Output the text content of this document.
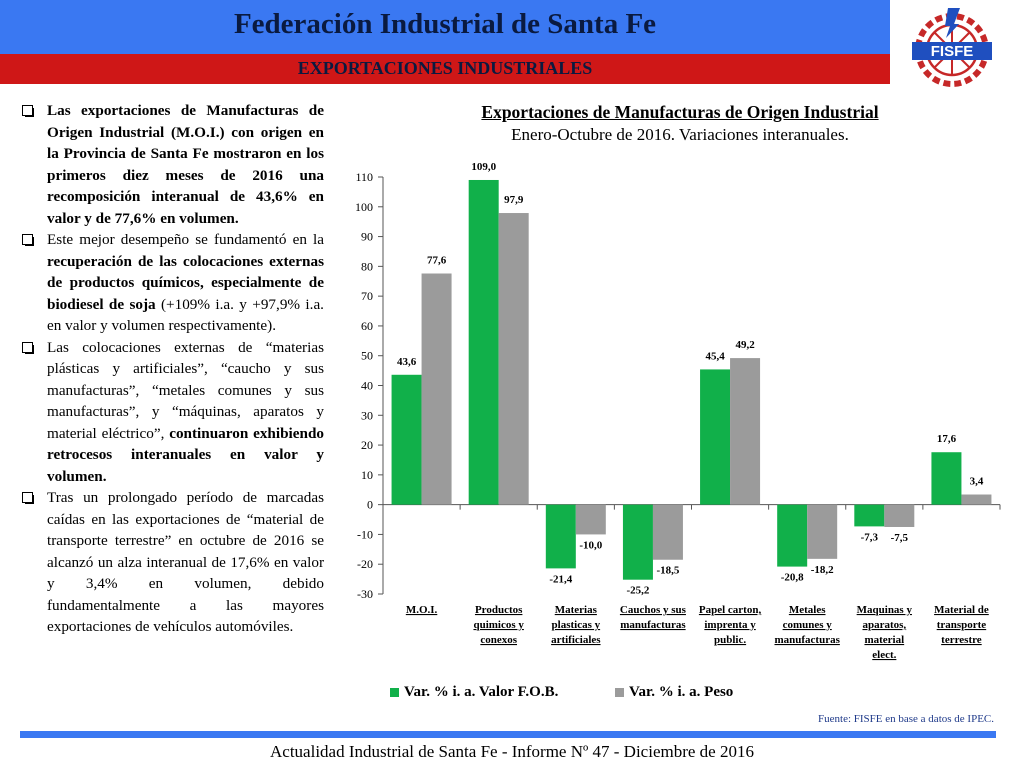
Federación Industrial de Santa Fe
EXPORTACIONES INDUSTRIALES
FISFE
Las exportaciones de Manufacturas de Origen Industrial (M.O.I.) con origen en la Provincia de Santa Fe mostraron en los primeros diez meses de 2016 una recomposición interanual de 43,6% en valor y de 77,6% en volumen.
Este mejor desempeño se fundamentó en la recuperación de las colocaciones externas de productos químicos, especialmente de biodiesel de soja (+109% i.a. y +97,9% i.a. en valor y volumen respectivamente).
Las colocaciones externas de “materias plásticas y artificiales”, “caucho y sus manufacturas”, “metales comunes y sus manufacturas”, y “máquinas, aparatos y material eléctrico”, continuaron exhibiendo retrocesos interanuales en valor y volumen.
Tras un prolongado período de marcadas caídas en las exportaciones de “material de transporte terrestre” en octubre de 2016 se alcanzó un alza interanual de 17,6% en valor y 3,4% en volumen, debido fundamentalmente a las mayores exportaciones de vehículos automóviles.
Exportaciones de Manufacturas de Origen Industrial
Enero-Octubre de 2016. Variaciones interanuales.
110
100
90
80
70
60
50
40
30
20
10
0
-10
-20
-30
43,6
109,0
-21,4
-25,2
45,4
-20,8
-7,3
17,6
77,6
97,9
-10,0
-18,5
49,2
-18,2
-7,5
3,4
M.O.I.	Productos
quimicos y
conexos
Materias
plasticas y
artificiales
Cauchos y sus
manufacturas
Papel carton,
imprenta y
public.
Metales
comunes y
manufacturas
Maquinas y
aparatos,
material
elect.
Material de
transporte
terrestre
Var. % i. a. Valor F.O.B.	Var. % i. a. Peso
Fuente: FISFE en base a datos de IPEC.
Actualidad Industrial de Santa Fe - Informe Nº 47 - Diciembre de 2016
